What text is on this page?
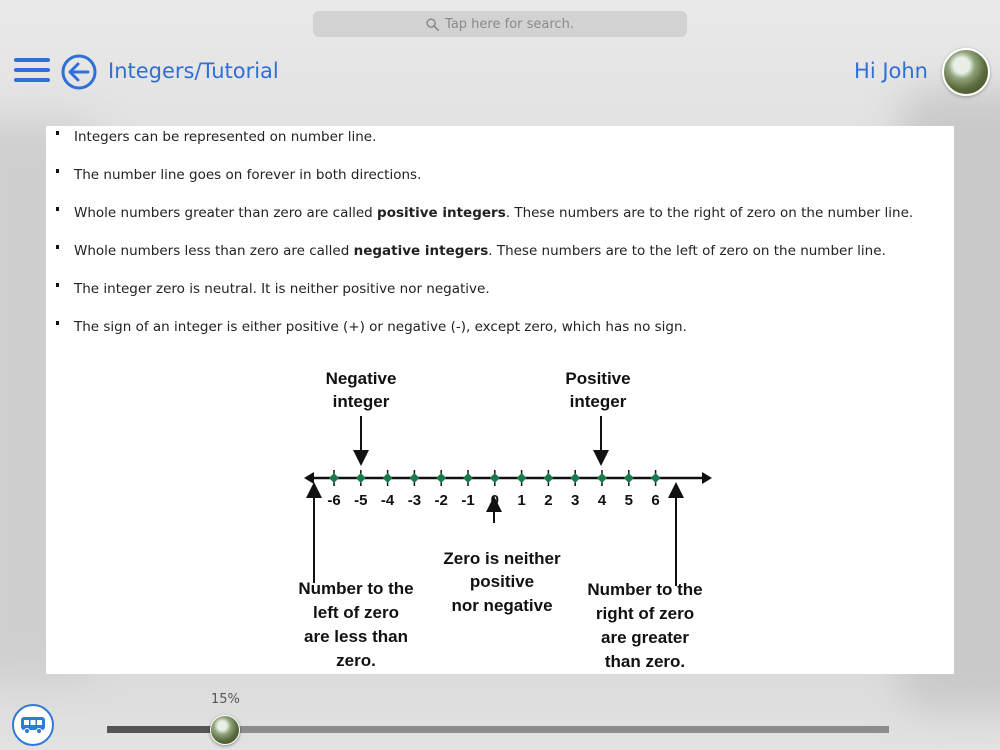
Tap here for search.
Integers/Tutorial	Hi John
Integers can be represented on number line.
The number line goes on forever in both directions.
Whole numbers greater than zero are called positive integers. These numbers are to the right of zero on the number line.
Whole numbers less than zero are called negative integers. These numbers are to the left of zero on the number line.
The integer zero is neutral. It is neither positive nor negative.
The sign of an integer is either positive (+) or negative (-), except zero, which has no sign.
-6 -5 -4 -3 -2 -1 0 1 2 3 4 5 6
Negative
integer
Positive
integer
Zero is neither
positive
nor negative
Number to the
left of zero
are less than
zero.
Number to the
right of zero
are greater
than zero.
15%
